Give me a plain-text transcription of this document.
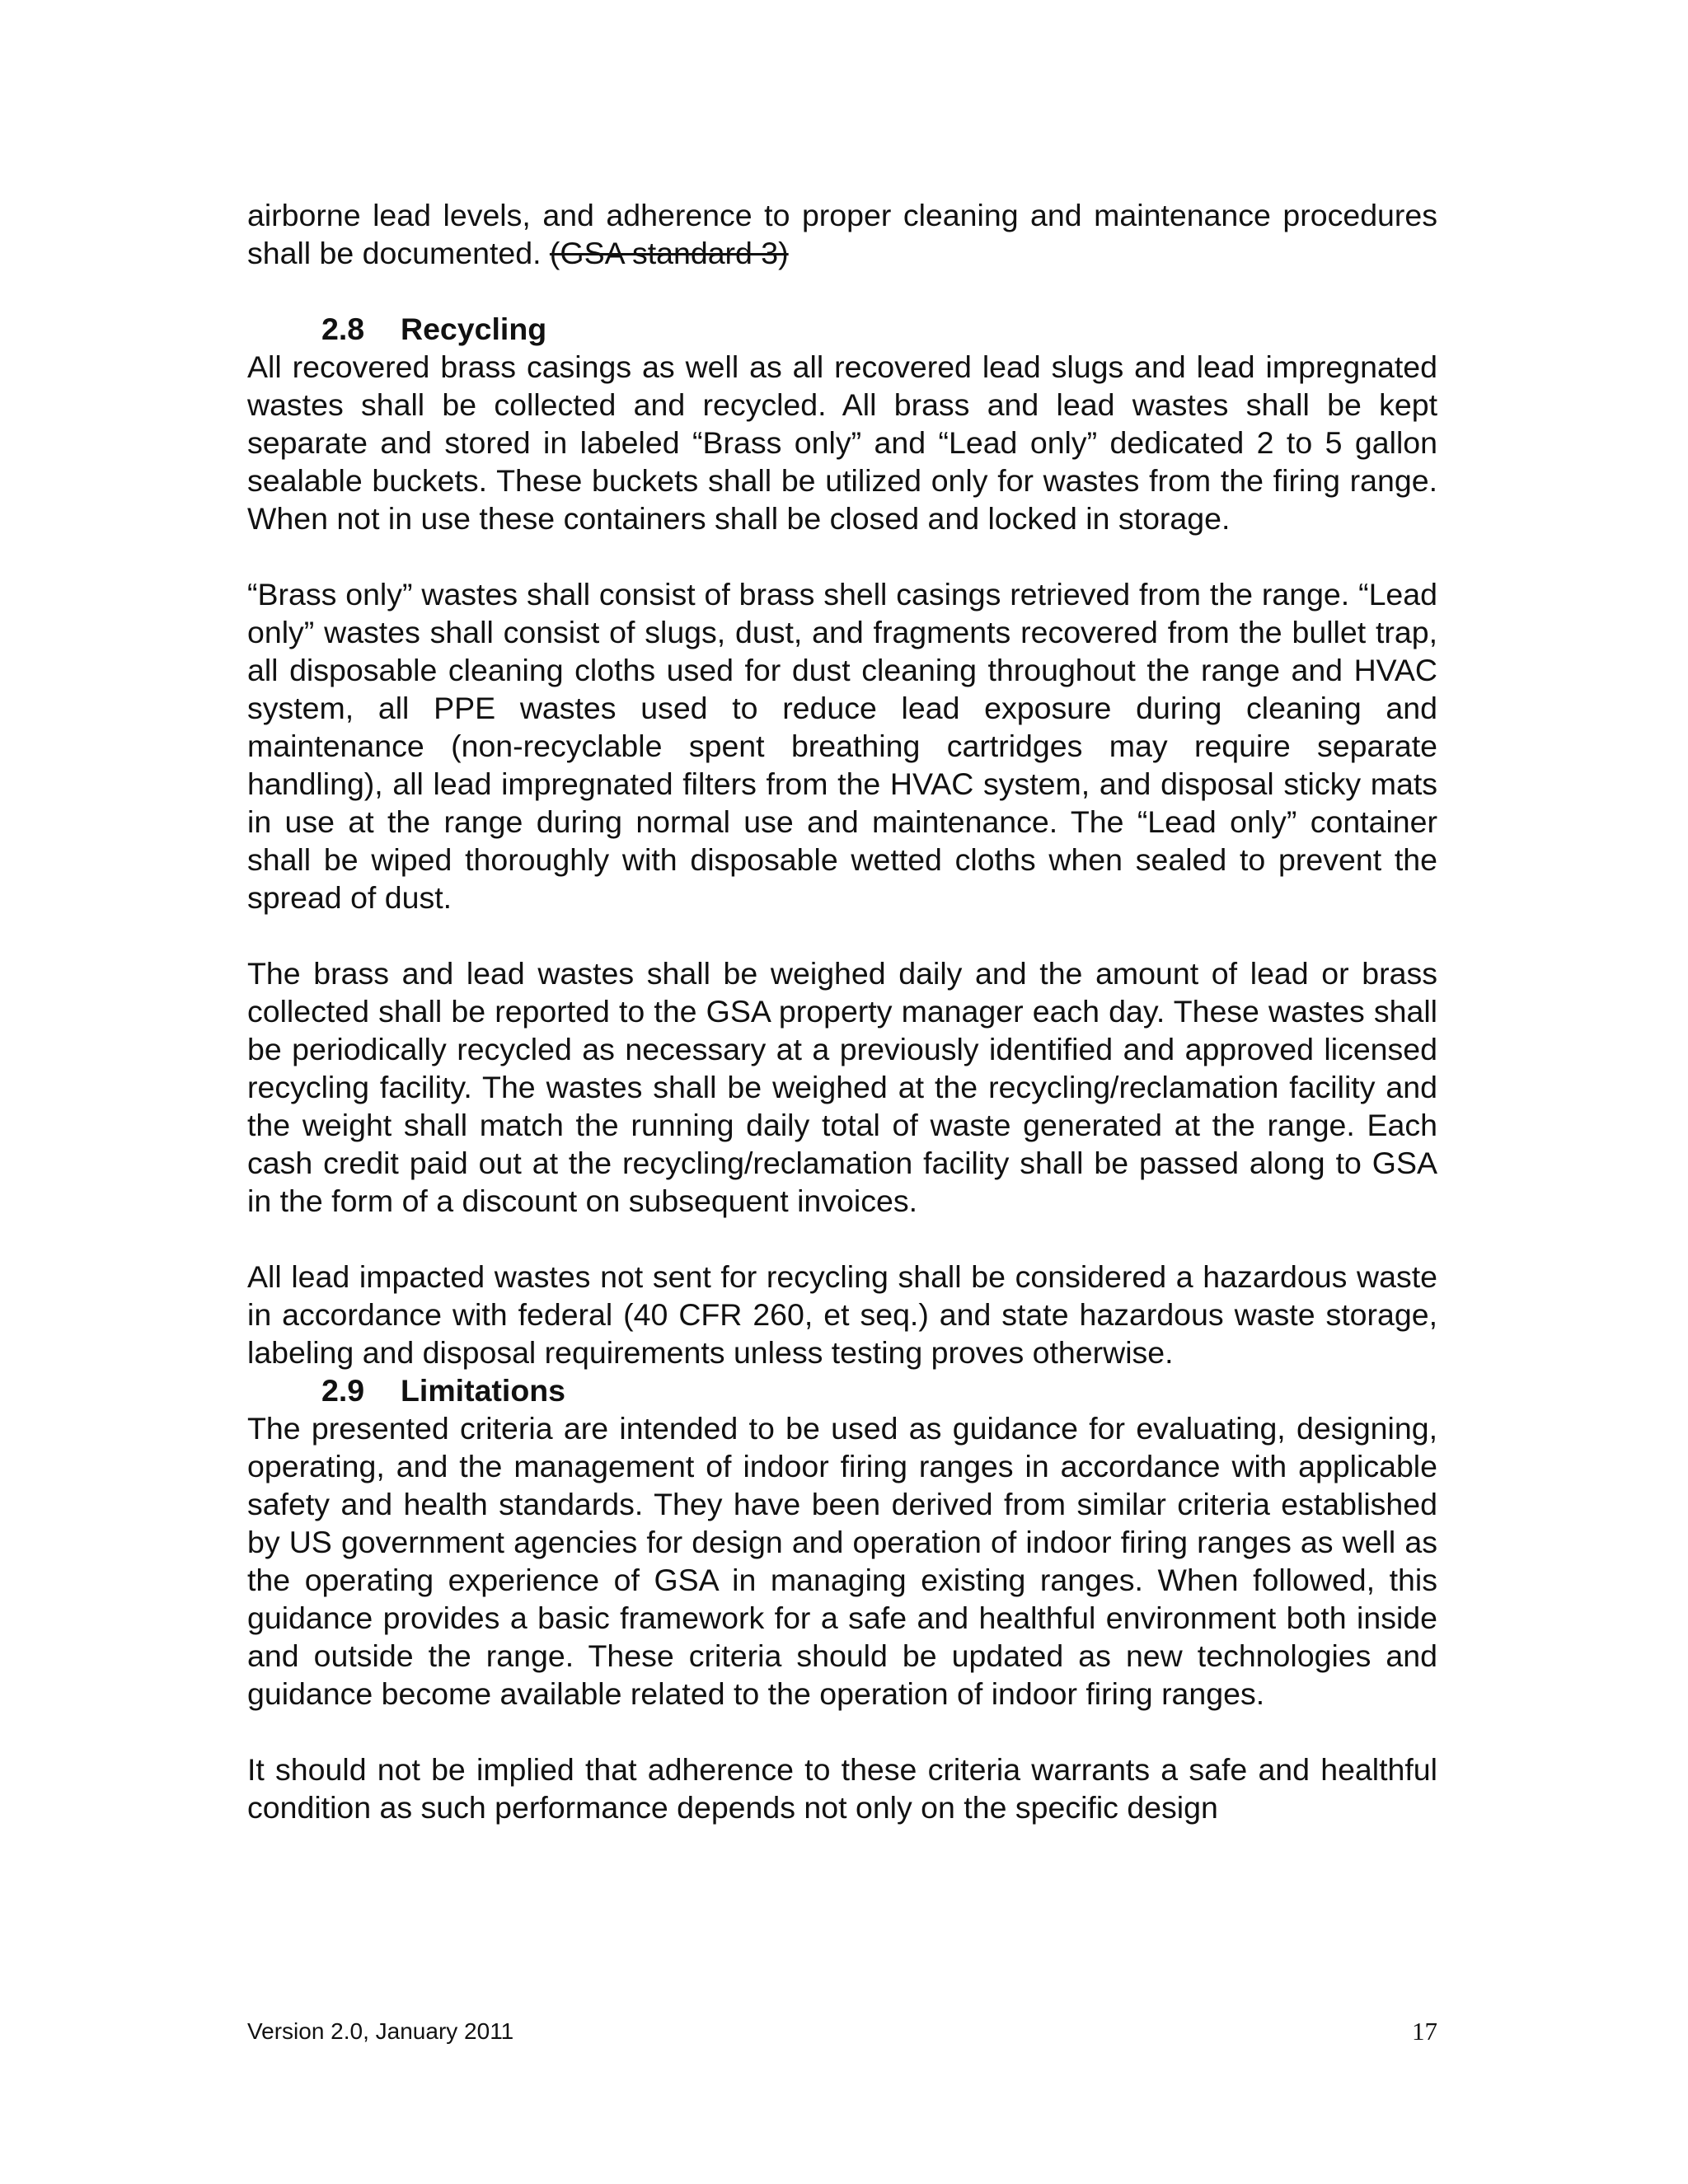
airborne lead levels, and adherence to proper cleaning and maintenance procedures shall be documented. (GSA standard 3)

2.8 Recycling

All recovered brass casings as well as all recovered lead slugs and lead impregnated wastes shall be collected and recycled. All brass and lead wastes shall be kept separate and stored in labeled “Brass only” and “Lead only” dedicated 2 to 5 gallon sealable buckets. These buckets shall be utilized only for wastes from the firing range. When not in use these containers shall be closed and locked in storage.

“Brass only” wastes shall consist of brass shell casings retrieved from the range. “Lead only” wastes shall consist of slugs, dust, and fragments recovered from the bullet trap, all disposable cleaning cloths used for dust cleaning throughout the range and HVAC system, all PPE wastes used to reduce lead exposure during cleaning and maintenance (non-recyclable spent breathing cartridges may require separate handling), all lead impregnated filters from the HVAC system, and disposal sticky mats in use at the range during normal use and maintenance. The “Lead only” container shall be wiped thoroughly with disposable wetted cloths when sealed to prevent the spread of dust.

The brass and lead wastes shall be weighed daily and the amount of lead or brass collected shall be reported to the GSA property manager each day. These wastes shall be periodically recycled as necessary at a previously identified and approved licensed recycling facility. The wastes shall be weighed at the recycling/reclamation facility and the weight shall match the running daily total of waste generated at the range. Each cash credit paid out at the recycling/reclamation facility shall be passed along to GSA in the form of a discount on subsequent invoices.

All lead impacted wastes not sent for recycling shall be considered a hazardous waste in accordance with federal (40 CFR 260, et seq.) and state hazardous waste storage, labeling and disposal requirements unless testing proves otherwise.

2.9 Limitations

The presented criteria are intended to be used as guidance for evaluating, designing, operating, and the management of indoor firing ranges in accordance with applicable safety and health standards. They have been derived from similar criteria established by US government agencies for design and operation of indoor firing ranges as well as the operating experience of GSA in managing existing ranges. When followed, this guidance provides a basic framework for a safe and healthful environment both inside and outside the range. These criteria should be updated as new technologies and guidance become available related to the operation of indoor firing ranges.

It should not be implied that adherence to these criteria warrants a safe and healthful condition as such performance depends not only on the specific design

Version 2.0, January 2011	17
